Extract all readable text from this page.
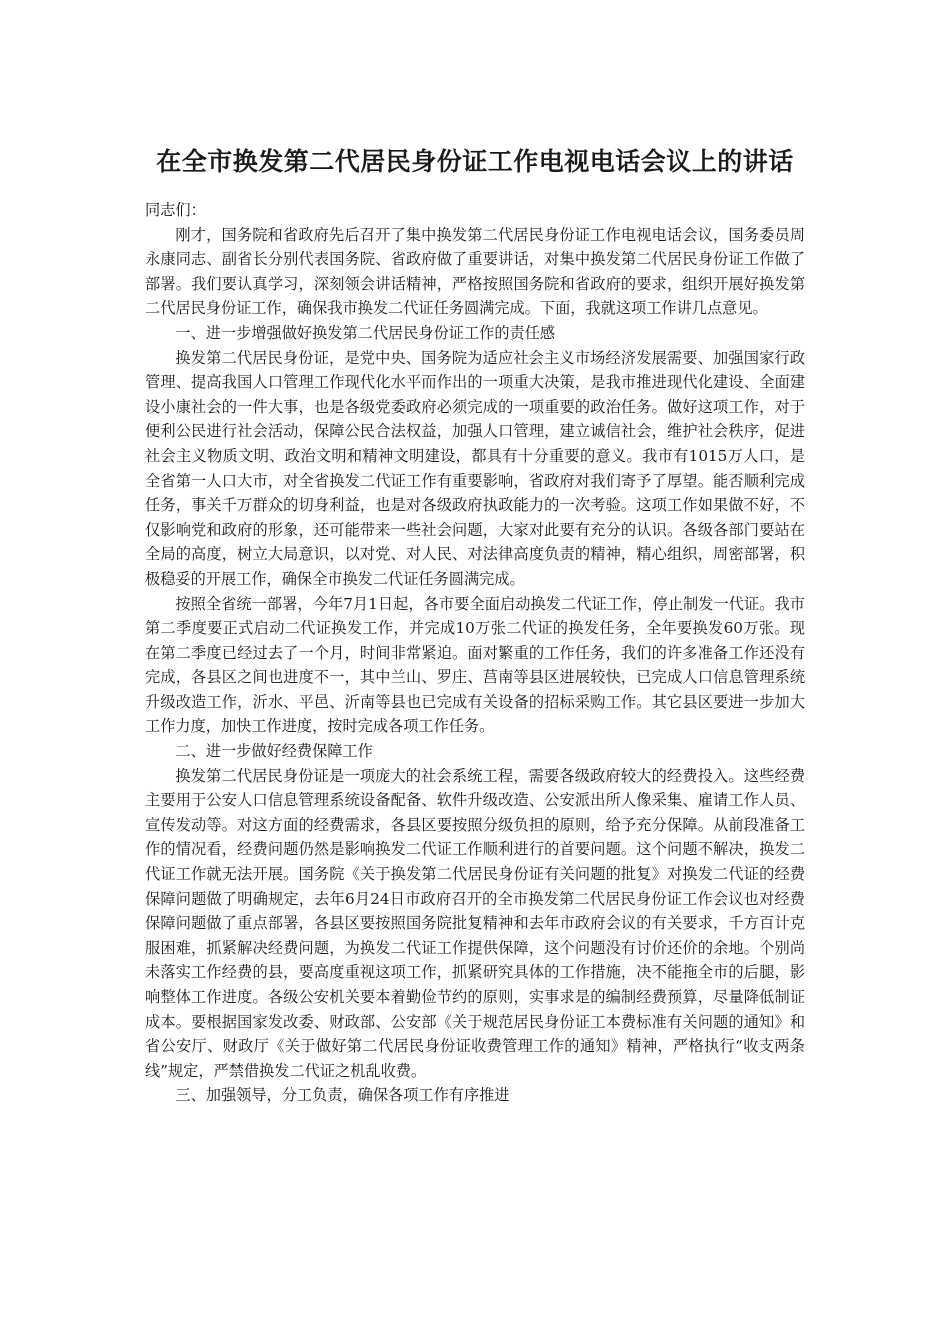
在全市换发第二代居民身份证工作电视电话会议上的讲话

同志们：

刚才，国务院和省政府先后召开了集中换发第二代居民身份证工作电视电话会议，国务委员周永康同志、副省长分别代表国务院、省政府做了重要讲话，对集中换发第二代居民身份证工作做了部署。我们要认真学习，深刻领会讲话精神，严格按照国务院和省政府的要求，组织开展好换发第二代居民身份证工作，确保我市换发二代证任务圆满完成。下面，我就这项工作讲几点意见。

一、进一步增强做好换发第二代居民身份证工作的责任感

换发第二代居民身份证，是党中央、国务院为适应社会主义市场经济发展需要、加强国家行政管理、提高我国人口管理工作现代化水平而作出的一项重大决策，是我市推进现代化建设、全面建设小康社会的一件大事，也是各级党委政府必须完成的一项重要的政治任务。做好这项工作，对于便利公民进行社会活动，保障公民合法权益，加强人口管理，建立诚信社会，维护社会秩序，促进社会主义物质文明、政治文明和精神文明建设，都具有十分重要的意义。我市有1015万人口，是全省第一人口大市，对全省换发二代证工作有重要影响，省政府对我们寄予了厚望。能否顺利完成任务，事关千万群众的切身利益，也是对各级政府执政能力的一次考验。这项工作如果做不好，不仅影响党和政府的形象，还可能带来一些社会问题，大家对此要有充分的认识。各级各部门要站在全局的高度，树立大局意识，以对党、对人民、对法律高度负责的精神，精心组织，周密部署，积极稳妥的开展工作，确保全市换发二代证任务圆满完成。

按照全省统一部署，今年7月1日起，各市要全面启动换发二代证工作，停止制发一代证。我市第二季度要正式启动二代证换发工作，并完成10万张二代证的换发任务，全年要换发60万张。现在第二季度已经过去了一个月，时间非常紧迫。面对繁重的工作任务，我们的许多准备工作还没有完成，各县区之间也进度不一，其中兰山、罗庄、莒南等县区进展较快，已完成人口信息管理系统升级改造工作，沂水、平邑、沂南等县也已完成有关设备的招标采购工作。其它县区要进一步加大工作力度，加快工作进度，按时完成各项工作任务。

二、进一步做好经费保障工作

换发第二代居民身份证是一项庞大的社会系统工程，需要各级政府较大的经费投入。这些经费主要用于公安人口信息管理系统设备配备、软件升级改造、公安派出所人像采集、雇请工作人员、宣传发动等。对这方面的经费需求，各县区要按照分级负担的原则，给予充分保障。从前段准备工作的情况看，经费问题仍然是影响换发二代证工作顺利进行的首要问题。这个问题不解决，换发二代证工作就无法开展。国务院《关于换发第二代居民身份证有关问题的批复》对换发二代证的经费保障问题做了明确规定，去年6月24日市政府召开的全市换发第二代居民身份证工作会议也对经费保障问题做了重点部署，各县区要按照国务院批复精神和去年市政府会议的有关要求，千方百计克服困难，抓紧解决经费问题，为换发二代证工作提供保障，这个问题没有讨价还价的余地。个别尚未落实工作经费的县，要高度重视这项工作，抓紧研究具体的工作措施，决不能拖全市的后腿，影响整体工作进度。各级公安机关要本着勤俭节约的原则，实事求是的编制经费预算，尽量降低制证成本。要根据国家发改委、财政部、公安部《关于规范居民身份证工本费标准有关问题的通知》和省公安厅、财政厅《关于做好第二代居民身份证收费管理工作的通知》精神，严格执行“收支两条线”规定，严禁借换发二代证之机乱收费。

三、加强领导，分工负责，确保各项工作有序推进
